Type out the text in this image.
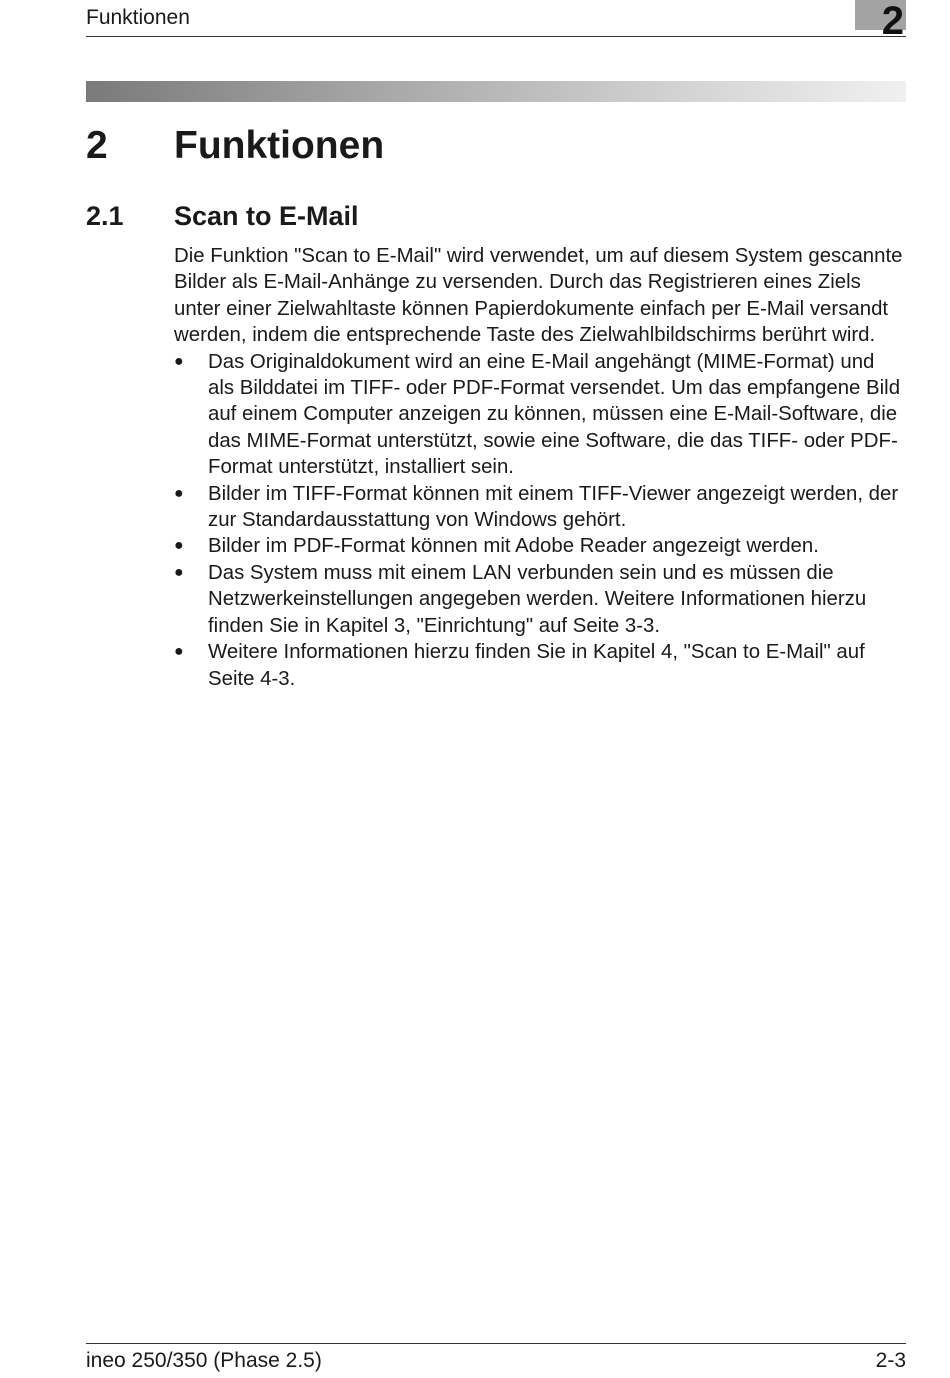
Funktionen	2
2 Funktionen
2.1 Scan to E-Mail

Die Funktion "Scan to E-Mail" wird verwendet, um auf diesem System gescannte Bilder als E-Mail-Anhänge zu versenden. Durch das Registrieren eines Ziels unter einer Zielwahltaste können Papierdokumente einfach per E-Mail versandt werden, indem die entsprechende Taste des Zielwahlbildschirms berührt wird.

● Das Originaldokument wird an eine E-Mail angehängt (MIME-Format) und als Bilddatei im TIFF- oder PDF-Format versendet. Um das empfangene Bild auf einem Computer anzeigen zu können, müssen eine E-Mail-Software, die das MIME-Format unterstützt, sowie eine Software, die das TIFF- oder PDF-Format unterstützt, installiert sein.
● Bilder im TIFF-Format können mit einem TIFF-Viewer angezeigt werden, der zur Standardausstattung von Windows gehört.
● Bilder im PDF-Format können mit Adobe Reader angezeigt werden.
● Das System muss mit einem LAN verbunden sein und es müssen die Netzwerkeinstellungen angegeben werden. Weitere Informationen hierzu finden Sie in Kapitel 3, "Einrichtung" auf Seite 3-3.
● Weitere Informationen hierzu finden Sie in Kapitel 4, "Scan to E-Mail" auf Seite 4-3.
ineo 250/350 (Phase 2.5)	2-3
